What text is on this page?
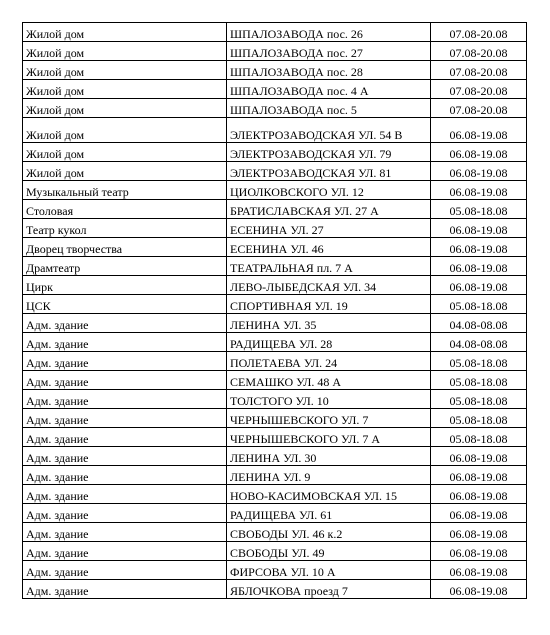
Жилой дом	ШПАЛОЗАВОДА пос. 26	07.08-20.08
Жилой дом	ШПАЛОЗАВОДА пос. 27	07.08-20.08
Жилой дом	ШПАЛОЗАВОДА пос. 28	07.08-20.08
Жилой дом	ШПАЛОЗАВОДА пос. 4 А	07.08-20.08
Жилой дом	ШПАЛОЗАВОДА пос. 5	07.08-20.08
Жилой дом	ЭЛЕКТРОЗАВОДСКАЯ УЛ. 54 В	06.08-19.08
Жилой дом	ЭЛЕКТРОЗАВОДСКАЯ УЛ. 79	06.08-19.08
Жилой дом	ЭЛЕКТРОЗАВОДСКАЯ УЛ. 81	06.08-19.08
Музыкальный театр	ЦИОЛКОВСКОГО УЛ. 12	06.08-19.08
Столовая	БРАТИСЛАВСКАЯ УЛ. 27 А	05.08-18.08
Театр кукол	ЕСЕНИНА УЛ. 27	06.08-19.08
Дворец творчества	ЕСЕНИНА УЛ. 46	06.08-19.08
Драмтеатр	ТЕАТРАЛЬНАЯ пл. 7 А	06.08-19.08
Цирк	ЛЕВО-ЛЫБЕДСКАЯ УЛ. 34	06.08-19.08
ЦСК	СПОРТИВНАЯ УЛ. 19	05.08-18.08
Адм. здание	ЛЕНИНА УЛ. 35	04.08-08.08
Адм. здание	РАДИЩЕВА УЛ. 28	04.08-08.08
Адм. здание	ПОЛЕТАЕВА УЛ. 24	05.08-18.08
Адм. здание	СЕМАШКО УЛ. 48 А	05.08-18.08
Адм. здание	ТОЛСТОГО УЛ. 10	05.08-18.08
Адм. здание	ЧЕРНЫШЕВСКОГО УЛ. 7	05.08-18.08
Адм. здание	ЧЕРНЫШЕВСКОГО УЛ. 7 А	05.08-18.08
Адм. здание	ЛЕНИНА УЛ. 30	06.08-19.08
Адм. здание	ЛЕНИНА УЛ. 9	06.08-19.08
Адм. здание	НОВО-КАСИМОВСКАЯ УЛ. 15	06.08-19.08
Адм. здание	РАДИЩЕВА УЛ. 61	06.08-19.08
Адм. здание	СВОБОДЫ УЛ. 46 к.2	06.08-19.08
Адм. здание	СВОБОДЫ УЛ. 49	06.08-19.08
Адм. здание	ФИРСОВА УЛ. 10 А	06.08-19.08
Адм. здание	ЯБЛОЧКОВА проезд 7	06.08-19.08
